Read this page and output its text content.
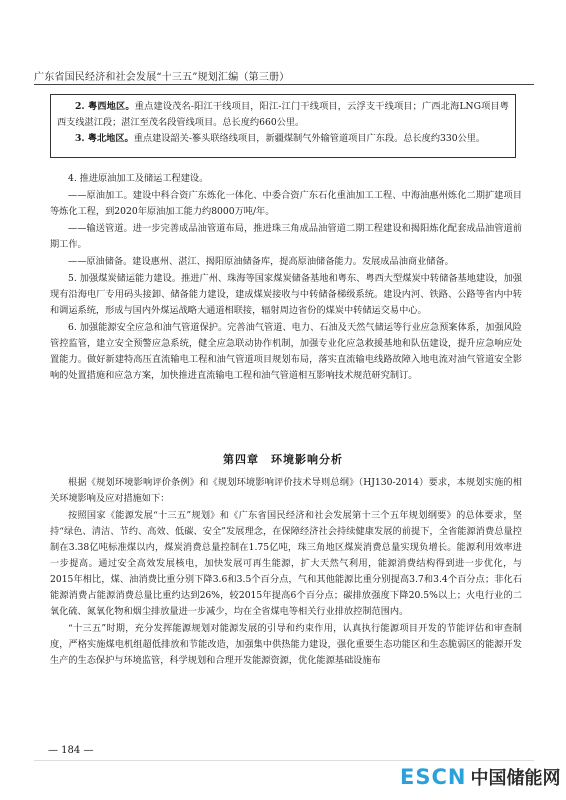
广东省国民经济和社会发展“十三五”规划汇编（第三册）

2. 粤西地区。重点建设茂名-阳江干线项目，阳江-江门干线项目，云浮支干线项目；广西北海LNG项目粤西支线湛江段；湛江至茂名段管线项目。总长度约660公里。

3. 粤北地区。重点建设韶关-篸头联络线项目，新疆煤制气外输管道项目广东段。总长度约330公里。

4. 推进原油加工及储运工程建设。

——原油加工。建设中科合资广东炼化一体化、中委合资广东石化重油加工工程、中海油惠州炼化二期扩建项目等炼化工程，到2020年原油加工能力约8000万吨/年。

——输送管道。进一步完善成品油管道布局，推进珠三角成品油管道二期工程建设和揭阳炼化配套成品油管道前期工作。

——原油储备。建设惠州、湛江、揭阳原油储备库，提高原油储备能力。发展成品油商业储备。

5. 加强煤炭储运能力建设。推进广州、珠海等国家煤炭储备基地和粤东、粤西大型煤炭中转储备基地建设，加强现有沿海电厂专用码头接卸、储备能力建设，建成煤炭接收与中转储备梯级系统。建设内河、铁路、公路等省内中转和调运系统，形成与国内外煤运战略大通道相联接，辐射周边省份的煤炭中转储运交易中心。

6. 加强能源安全应急和油气管道保护。完善油气管道、电力、石油及天然气储运等行业应急预案体系，加强风险管控监管，建立安全预警应急系统，健全应急联动协作机制，加强专业化应急救援基地和队伍建设，提升应急响应处置能力。做好新建特高压直流输电工程和油气管道项目规划布局，落实直流输电线路故障入地电流对油气管道安全影响的处置措施和应急方案，加快推进直流输电工程和油气管道相互影响技术规范研究制订。

第四章　环境影响分析

根据《规划环境影响评价条例》和《规划环境影响评价技术导则总纲》（HJ130-2014）要求，本规划实施的相关环境影响及应对措施如下：

按照国家《能源发展“十三五”规划》和《广东省国民经济和社会发展第十三个五年规划纲要》的总体要求，坚持“绿色、清洁、节约、高效、低碳、安全”发展理念，在保障经济社会持续健康发展的前提下，全省能源消费总量控制在3.38亿吨标准煤以内，煤炭消费总量控制在1.75亿吨，珠三角地区煤炭消费总量实现负增长。能源利用效率进一步提高。通过安全高效发展核电，加快发展可再生能源，扩大天然气利用，能源消费结构得到进一步优化，与2015年相比，煤、油消费比重分别下降3.6和3.5个百分点，气和其他能源比重分别提高3.7和3.4个百分点；非化石能源消费占能源消费总量比重约达到26%，较2015年提高6个百分点；碳排放强度下降20.5%以上；火电行业的二氧化硫、氮氧化物和烟尘排放量进一步减少，均在全省煤电等相关行业排放控制范围内。

“十三五”时期，充分发挥能源规划对能源发展的引导和约束作用，认真执行能源项目开发的节能评估和审查制度，严格实施煤电机组超低排放和节能改造，加强集中供热能力建设，强化重要生态功能区和生态脆弱区的能源开发生产的生态保护与环境监管，科学规划和合理开发能源资源，优化能源基础设施布

— 184 —
ESCN 中国储能网
